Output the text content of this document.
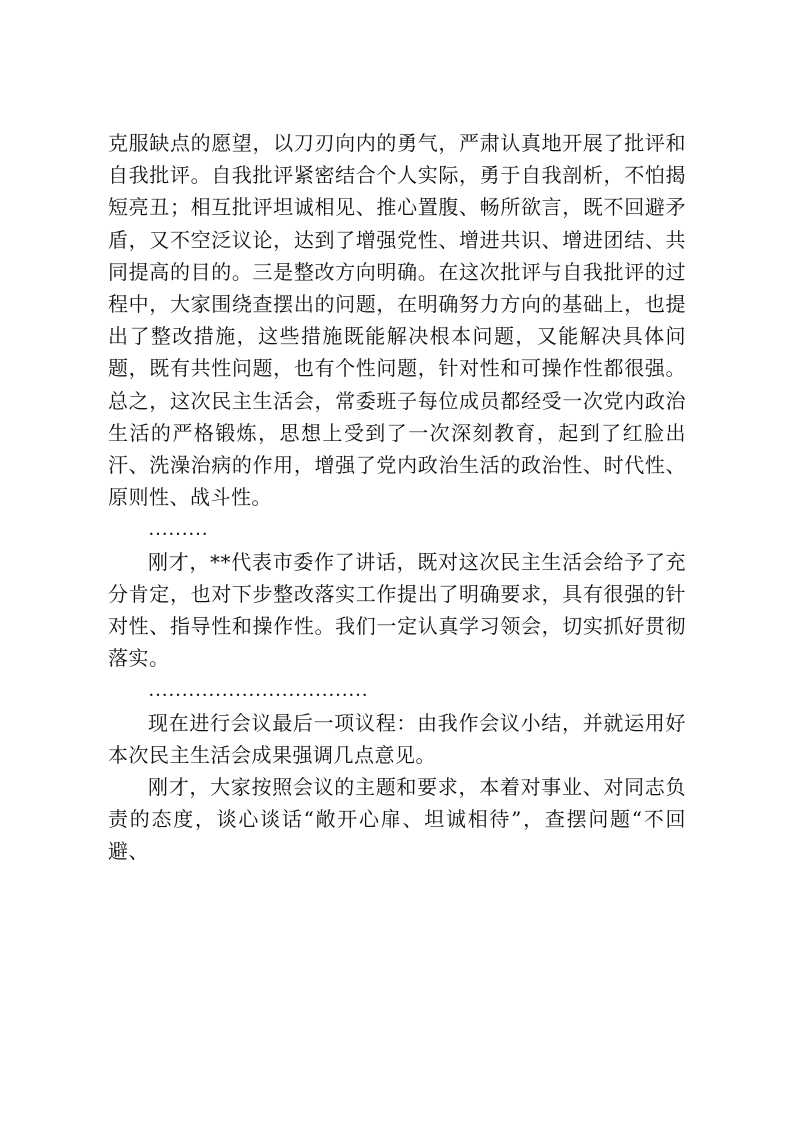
克服缺点的愿望，以刀刃向内的勇气，严肃认真地开展了批评和自我批评。自我批评紧密结合个人实际，勇于自我剖析，不怕揭短亮丑；相互批评坦诚相见、推心置腹、畅所欲言，既不回避矛盾，又不空泛议论，达到了增强党性、增进共识、增进团结、共同提高的目的。三是整改方向明确。在这次批评与自我批评的过程中，大家围绕查摆出的问题，在明确努力方向的基础上，也提出了整改措施，这些措施既能解决根本问题，又能解决具体问题，既有共性问题，也有个性问题，针对性和可操作性都很强。总之，这次民主生活会，常委班子每位成员都经受一次党内政治生活的严格锻炼，思想上受到了一次深刻教育，起到了红脸出汗、洗澡治病的作用，增强了党内政治生活的政治性、时代性、原则性、战斗性。

………

刚才，**代表市委作了讲话，既对这次民主生活会给予了充分肯定，也对下步整改落实工作提出了明确要求，具有很强的针对性、指导性和操作性。我们一定认真学习领会，切实抓好贯彻落实。

……………………………

现在进行会议最后一项议程：由我作会议小结，并就运用好本次民主生活会成果强调几点意见。

刚才，大家按照会议的主题和要求，本着对事业、对同志负责的态度，谈心谈话“敞开心扉、坦诚相待”，查摆问题“不回避、
